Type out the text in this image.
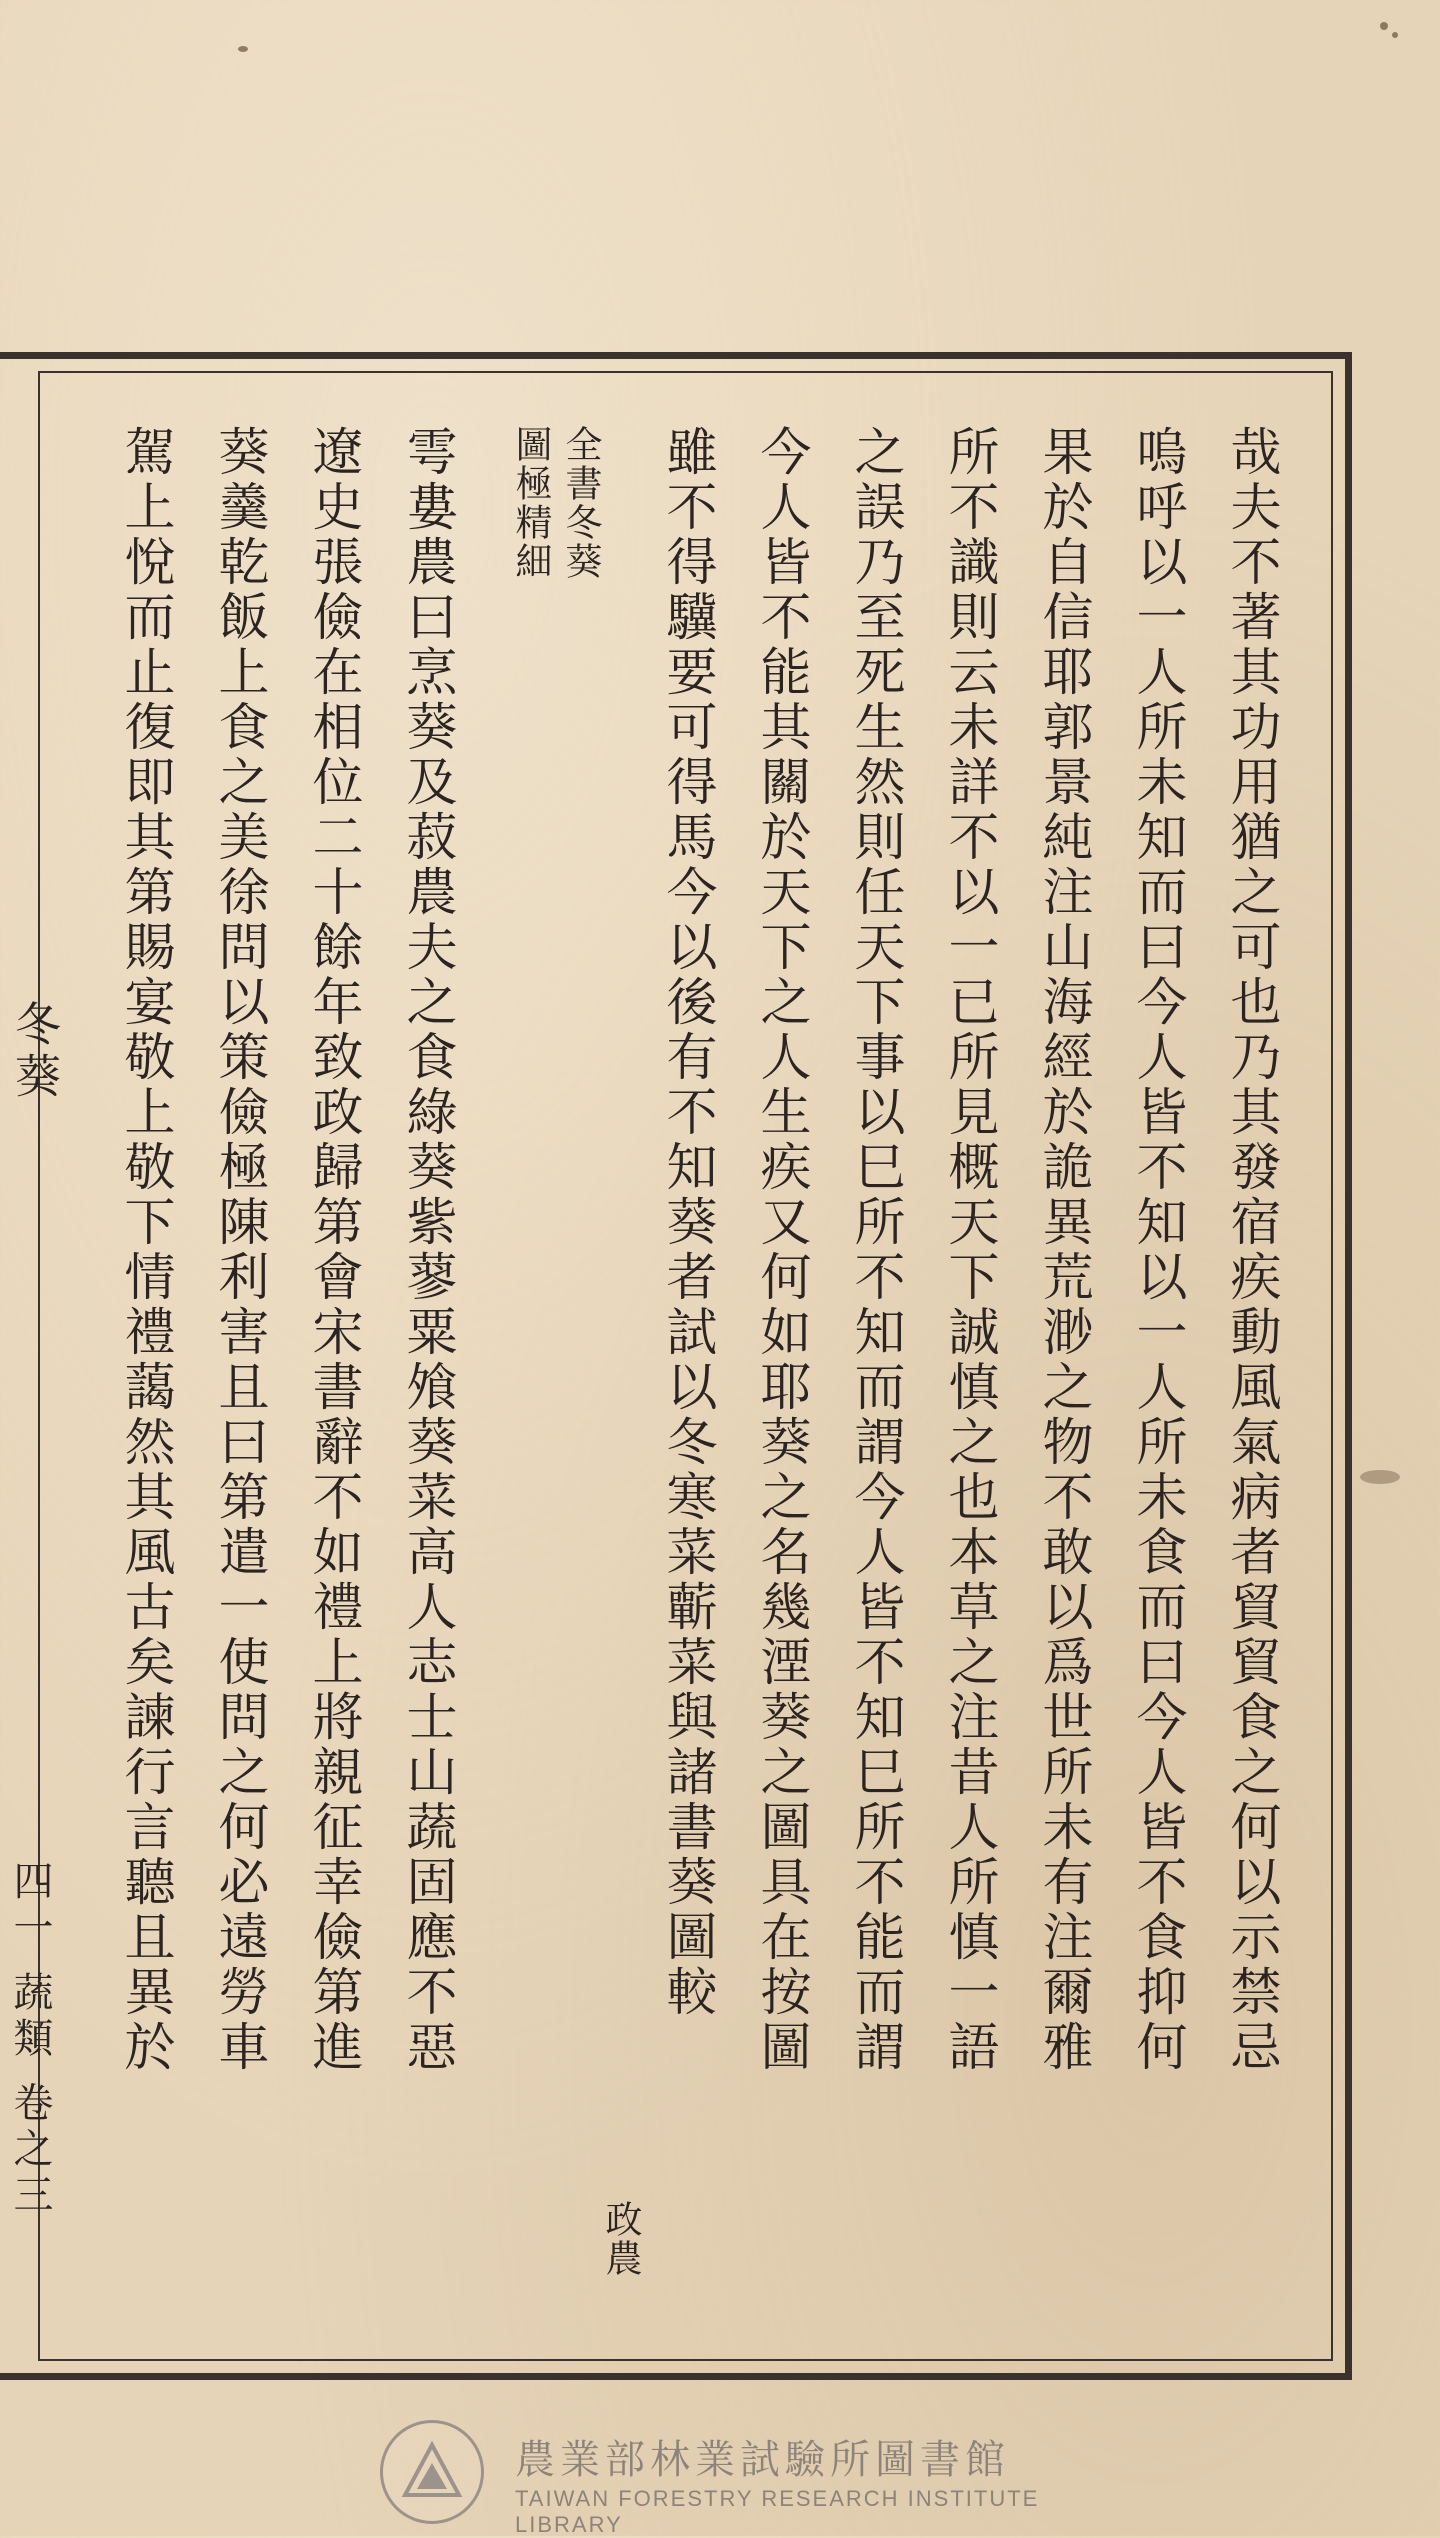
冬葵
四一 蔬類 卷之三	哉夫不著其功用猶之可也乃其發宿疾動風氣病者貿貿食之何以示禁忌
嗚呼以一人所未知而曰今人皆不知以一人所未食而曰今人皆不食抑何
果於自信耶郭景純注山海經於詭異荒渺之物不敢以爲世所未有注爾雅
所不識則云未詳不以一已所見概天下誠慎之也本草之注昔人所慎一語
之誤乃至死生然則任天下事以巳所不知而謂今人皆不知巳所不能而謂
今人皆不能其關於天下之人生疾又何如耶葵之名幾湮葵之圖具在按圖
雖不得驥要可得馬今以後有不知葵者試以冬寒菜蘄菜與諸書葵圖較
政農
全書冬葵
圖極精細
雩婁農曰烹葵及菽農夫之食綠葵紫蓼粟飧葵菜高人志士山蔬固應不惡
遼史張儉在相位二十餘年致政歸第會宋書辭不如禮上將親征幸儉第進
葵羹乾飯上食之美徐問以策儉極陳利害且曰第遣一使問之何必遠勞車
駕上悅而止復即其第賜宴敬上敬下情禮藹然其風古矣諫行言聽且異於
農業部林業試驗所圖書館
TAIWAN FORESTRY RESEARCH INSTITUTE LIBRARY
